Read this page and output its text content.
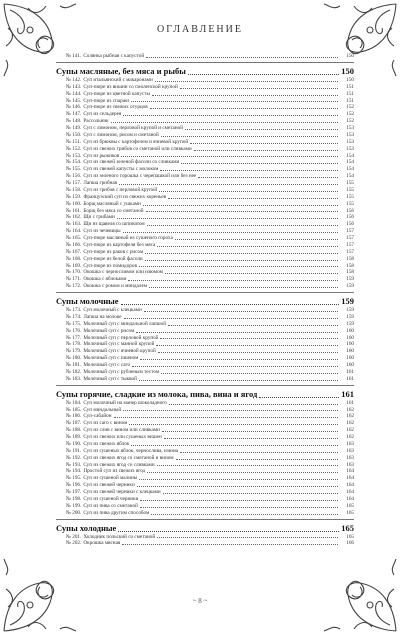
ОГЛАВЛЕНИЕ
№ 141. Солянка рыбная с капустой	150
Супы масляные, без мяса и рыбы	150
№ 142. Суп итальянский с макаронами	150
№ 143. Суп-пюре из вишни со смоленской крупой	151
№ 144. Суп-пюре из цветной капусты	151
№ 145. Суп-пюре из спаржи	151
№ 146. Суп-пюре из свежих огурцов	152
№ 147. Суп из сельдерея	152
№ 148. Рассольник	152
№ 149. Суп с лимоном, перловой крупой и сметаной	153
№ 150. Суп с лимоном, рисом и сметаной	153
№ 151. Суп из брюквы с картофелем и ячневой крупой	153
№ 152. Суп из свежих грибов со сметаной или сливками	153
№ 153. Суп из рыжиков	154
№ 154. Суп из свежей зеленой фасоли со сливками	154
№ 155. Суп из свежей капусты с молоком	154
№ 156. Суп из зеленого горошка с черепашкой или без нее	154
№ 157. Лапша грибная	155
№ 158. Суп из грибов с перловой крупой	155
№ 159. Французский суп из свежих кореньев	155
№ 160. Борщ масляный с ушками	155
№ 161. Борщ без мяса со сметаной	156
№ 162. Щи с грибами	156
№ 163. Щи из щавеля со шпинатом	156
№ 164. Суп из чечевицы	157
№ 165. Суп-пюре масляный из сушеного гороха	157
№ 166. Суп-пюре из картофеля без мяса	157
№ 167. Суп-пюре из раков с рисом	157
№ 168. Суп-пюре из белой фасоли	158
№ 169. Суп-пюре из помидоров	158
№ 170. Окошка с черносливом или изюмом	158
№ 171. Окошка с яблоками	159
№ 172. Окошка с ромом и миндалем	159
Супы молочные	159
№ 173. Суп молочный с клецками	159
№ 174. Лапша на молоке	159
№ 175. Молочный суп с миндальной лапшой	159
№ 176. Молочный суп с рисом	160
№ 177. Молочный суп с перловой крупой	160
№ 178. Молочный суп с манной крупой	160
№ 179. Молочный суп с ячневой крупой	160
№ 180. Молочный суп с пшеном	160
№ 181. Молочный суп с саго	160
№ 182. Молочный суп с рубленым тестом	161
№ 183. Молочный суп с тыквой	161
Супы горячие, сладкие из молока, пива, вина и ягод	161
№ 184. Суп молочный на манер шоколадного	161
№ 185. Суп миндальный	162
№ 186. Суп-сабайон	162
№ 187. Суп из саго с вином	162
№ 188. Суп из слив с вином или сливками	162
№ 189. Суп из свежих или сушеных вишен	162
№ 190. Суп из свежих яблок	163
№ 191. Суп из сушеных яблок, чернослива, изюма	163
№ 192. Суп из свежих ягод со сметаной и вином	163
№ 193. Суп из свежих ягод со сливками	163
№ 194. Простой суп из свежих ягод	164
№ 195. Суп из сушеной малины	164
№ 196. Суп из свежей черники	164
№ 197. Суп из свежей черники с клецками	164
№ 198. Суп из сушеной черники	164
№ 199. Суп из пива со сметаной	165
№ 200. Суп из пива другим способом	165
Супы холодные	165
№ 201. Холодник польский со сметаной	165
№ 202. Окрошка мясная	166
~ 8 ~
